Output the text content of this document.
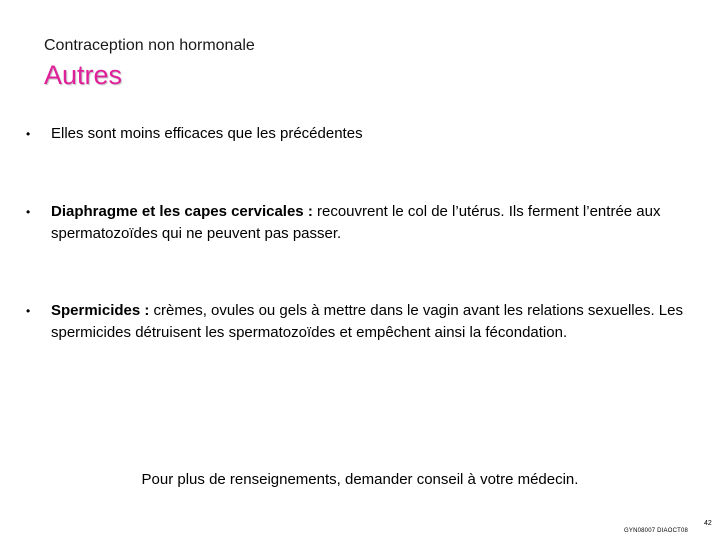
Contraception non hormonale
Autres
•	Elles sont moins efficaces que les précédentes
•	Diaphragme et les capes cervicales : recouvrent le col de l’utérus. Ils ferment l’entrée aux spermatozoïdes qui ne peuvent pas passer.
•	Spermicides : crèmes, ovules ou gels à mettre dans le vagin avant les relations sexuelles. Les spermicides détruisent les spermatozoïdes et empêchent ainsi la fécondation.
Pour plus de renseignements, demander conseil à votre médecin.
GYN08007 DIAOCT08
42
